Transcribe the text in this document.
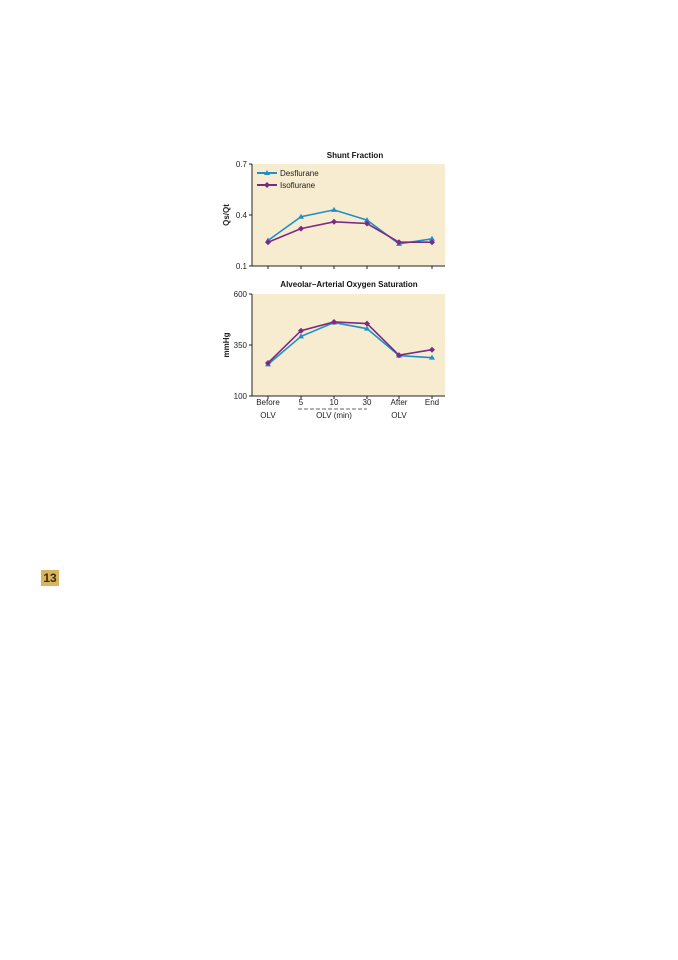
Shunt Fraction
0.7
0.4
0.1
Qs/Qt
Desflurane
Isoflurane
Alveolar–Arterial Oxygen Saturation
600
350
100
mmHg
Before 5	10	30 After End
OLV	OLV (min)	OLV
13
